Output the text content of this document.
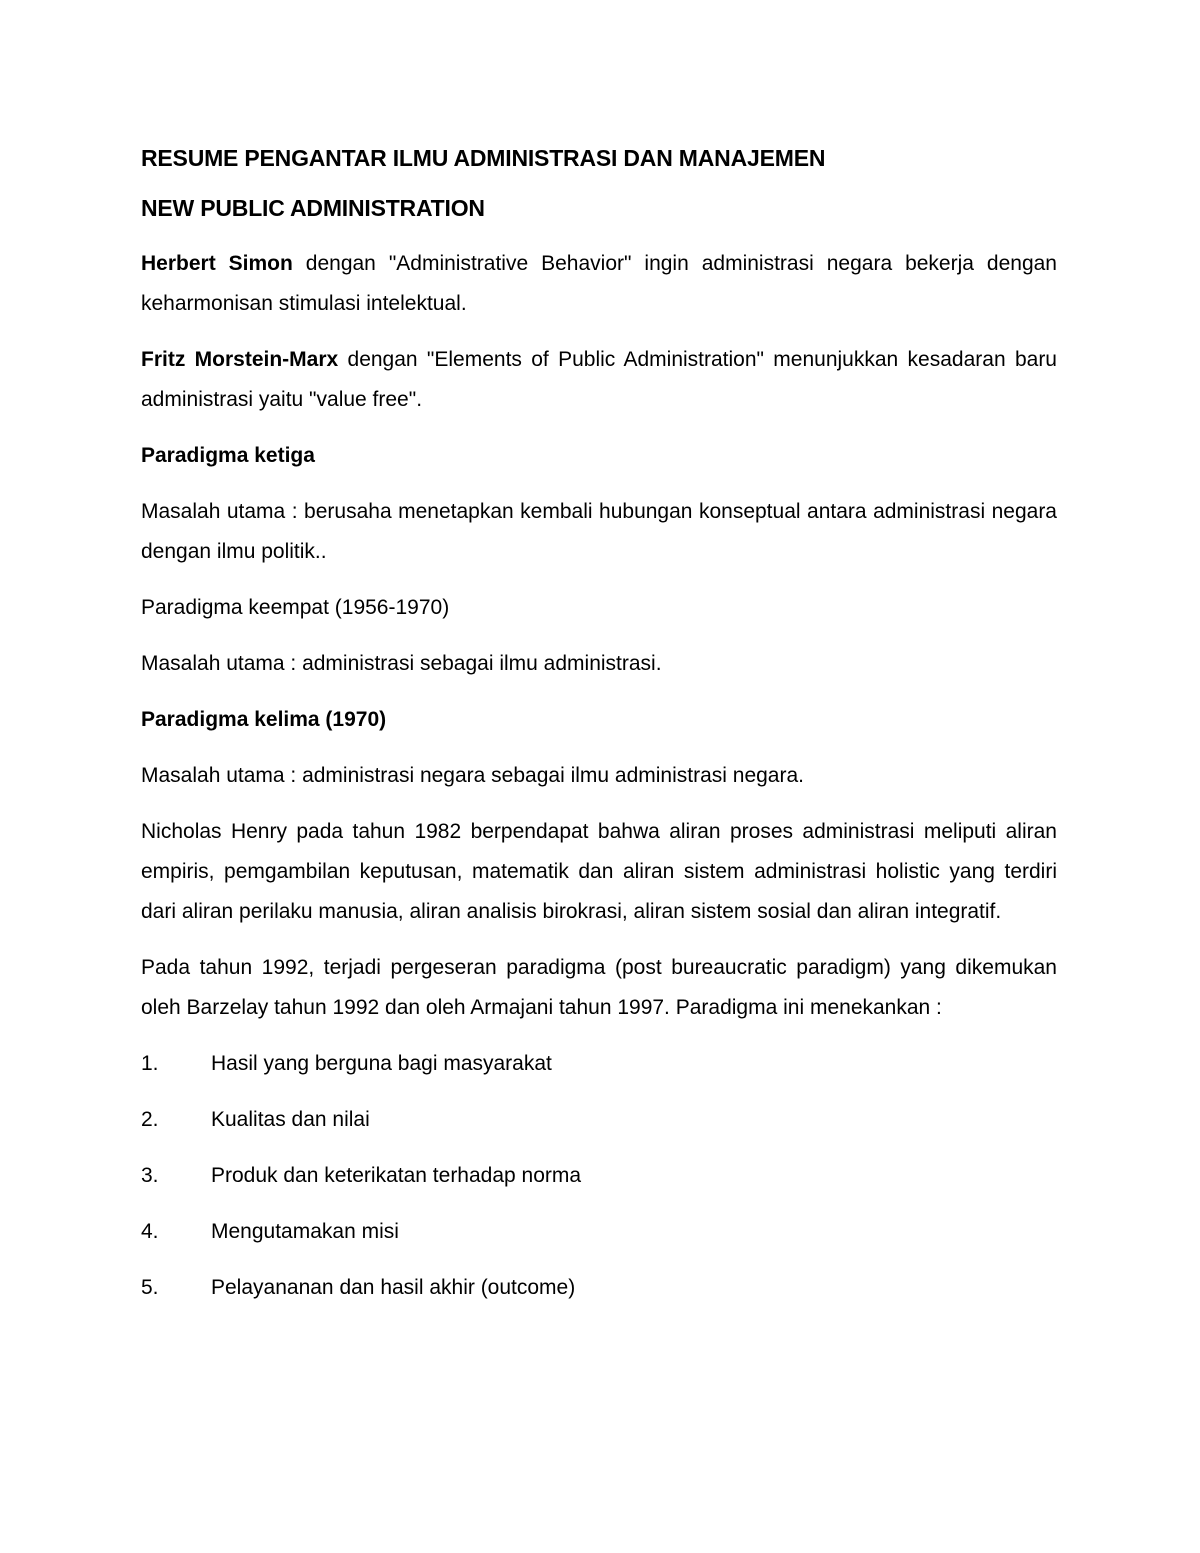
RESUME PENGANTAR ILMU ADMINISTRASI DAN MANAJEMEN
NEW PUBLIC ADMINISTRATION

Herbert Simon dengan "Administrative Behavior" ingin administrasi negara bekerja dengan keharmonisan stimulasi intelektual.

Fritz Morstein-Marx dengan "Elements of Public Administration" menunjukkan kesadaran baru administrasi yaitu "value free".

Paradigma ketiga

Masalah utama : berusaha menetapkan kembali hubungan konseptual antara administrasi negara dengan ilmu politik..

Paradigma keempat (1956-1970)

Masalah utama : administrasi sebagai ilmu administrasi.

Paradigma kelima (1970)

Masalah utama : administrasi negara sebagai ilmu administrasi negara.

Nicholas Henry pada tahun 1982 berpendapat bahwa aliran proses administrasi meliputi aliran empiris, pemgambilan keputusan, matematik dan aliran sistem administrasi holistic yang terdiri dari aliran perilaku manusia, aliran analisis birokrasi, aliran sistem sosial dan aliran integratif.

Pada tahun 1992, terjadi pergeseran paradigma (post bureaucratic paradigm) yang dikemukan oleh Barzelay tahun 1992 dan oleh Armajani tahun 1997. Paradigma ini menekankan :

1.	Hasil yang berguna bagi masyarakat
2.	Kualitas dan nilai
3.	Produk dan keterikatan terhadap norma
4.	Mengutamakan misi
5.	Pelayananan dan hasil akhir (outcome)
